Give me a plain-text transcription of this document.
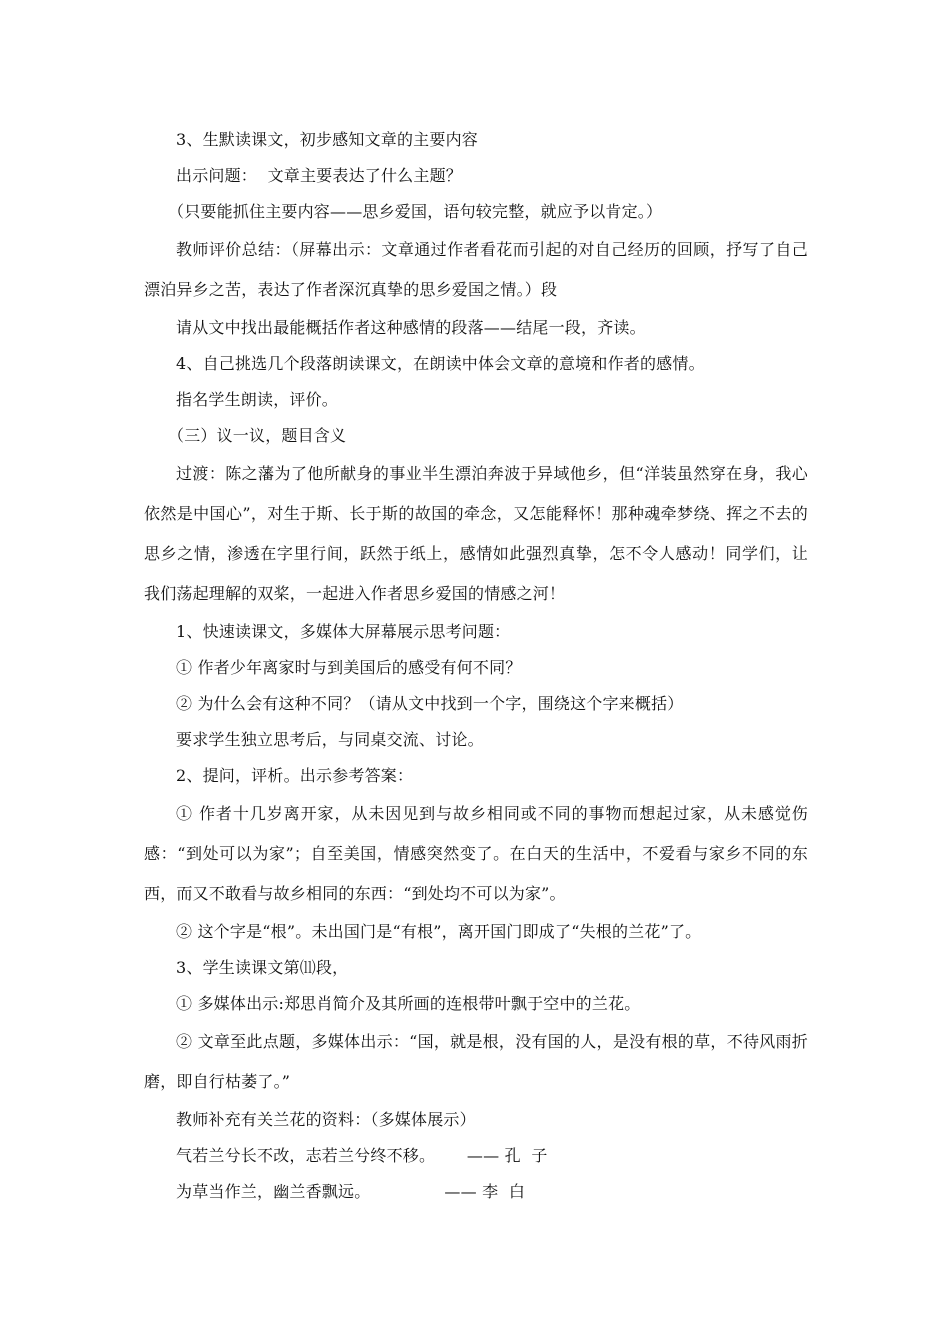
3、生默读课文，初步感知文章的主要内容

出示问题：  文章主要表达了什么主题？

（只要能抓住主要内容——思乡爱国，语句较完整，就应予以肯定。）

教师评价总结：（屏幕出示：文章通过作者看花而引起的对自己经历的回顾，抒写了自己漂泊异乡之苦，表达了作者深沉真挚的思乡爱国之情。）段

请从文中找出最能概括作者这种感情的段落——结尾一段，齐读。

4、自己挑选几个段落朗读课文，在朗读中体会文章的意境和作者的感情。

指名学生朗读，评价。

（三）议一议，题目含义

过渡：陈之藩为了他所献身的事业半生漂泊奔波于异域他乡，但“洋装虽然穿在身，我心依然是中国心”，对生于斯、长于斯的故国的牵念，又怎能释怀！那种魂牵梦绕、挥之不去的思乡之情，渗透在字里行间，跃然于纸上，感情如此强烈真挚，怎不令人感动！同学们，让我们荡起理解的双桨，一起进入作者思乡爱国的情感之河！

1、快速读课文，多媒体大屏幕展示思考问题：

① 作者少年离家时与到美国后的感受有何不同？

② 为什么会有这种不同？（请从文中找到一个字，围绕这个字来概括）

要求学生独立思考后，与同桌交流、讨论。

2、提问，评析。出示参考答案：

① 作者十几岁离开家，从未因见到与故乡相同或不同的事物而想起过家，从未感觉伤感：“到处可以为家”；自至美国，情感突然变了。在白天的生活中，不爱看与家乡不同的东西，而又不敢看与故乡相同的东西：“到处均不可以为家”。

② 这个字是“根”。未出国门是“有根”，离开国门即成了“失根的兰花”了。

3、学生读课文第⑾段，

① 多媒体出示:郑思肖简介及其所画的连根带叶飘于空中的兰花。

② 文章至此点题，多媒体出示：“国，就是根，没有国的人，是没有根的草，不待风雨折磨，即自行枯萎了。”

教师补充有关兰花的资料：（多媒体展示）

气若兰兮长不改，志若兰兮终不移。      —— 孔  子

为草当作兰，幽兰香飘远。              —— 李  白
